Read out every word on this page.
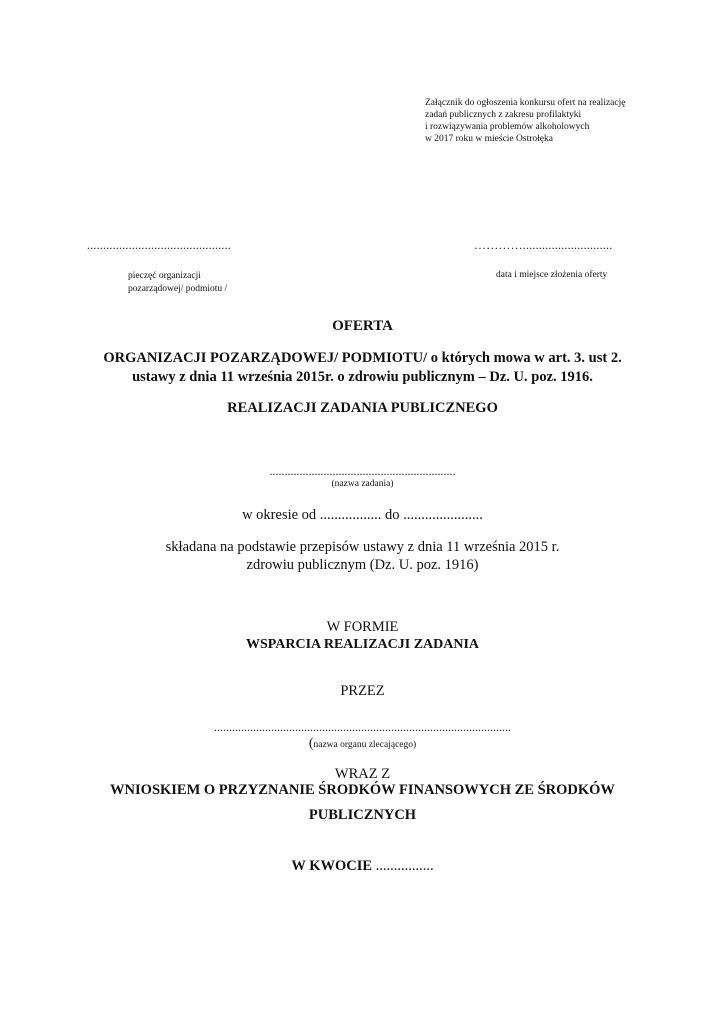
Załącznik do ogłoszenia konkursu ofert na realizację
zadań publicznych z zakresu profilaktyki
i rozwiązywania problemów alkoholowych
w 2017 roku w mieście Ostrołęka
.............................................	…………............................
pieczęć organizacji
pozarządowej/ podmiotu /
data i miejsce złożenia oferty
OFERTA
ORGANIZACJI POZARZĄDOWEJ/ PODMIOTU/ o których mowa w art. 3. ust 2.
ustawy z dnia 11 września 2015r. o zdrowiu publicznym – Dz. U. poz. 1916.
REALIZACJI ZADANIA PUBLICZNEGO
..............................................................
(nazwa zadania)
w okresie od ................. do ......................
składana na podstawie przepisów ustawy z dnia 11 września 2015 r.
zdrowiu publicznym (Dz. U. poz. 1916)
W FORMIE
WSPARCIA REALIZACJI ZADANIA
PRZEZ
...................................................................................................
(nazwa organu zlecającego)
WRAZ Z
WNIOSKIEM O PRZYZNANIE ŚRODKÓW FINANSOWYCH ZE ŚRODKÓW
PUBLICZNYCH
W KWOCIE ................
